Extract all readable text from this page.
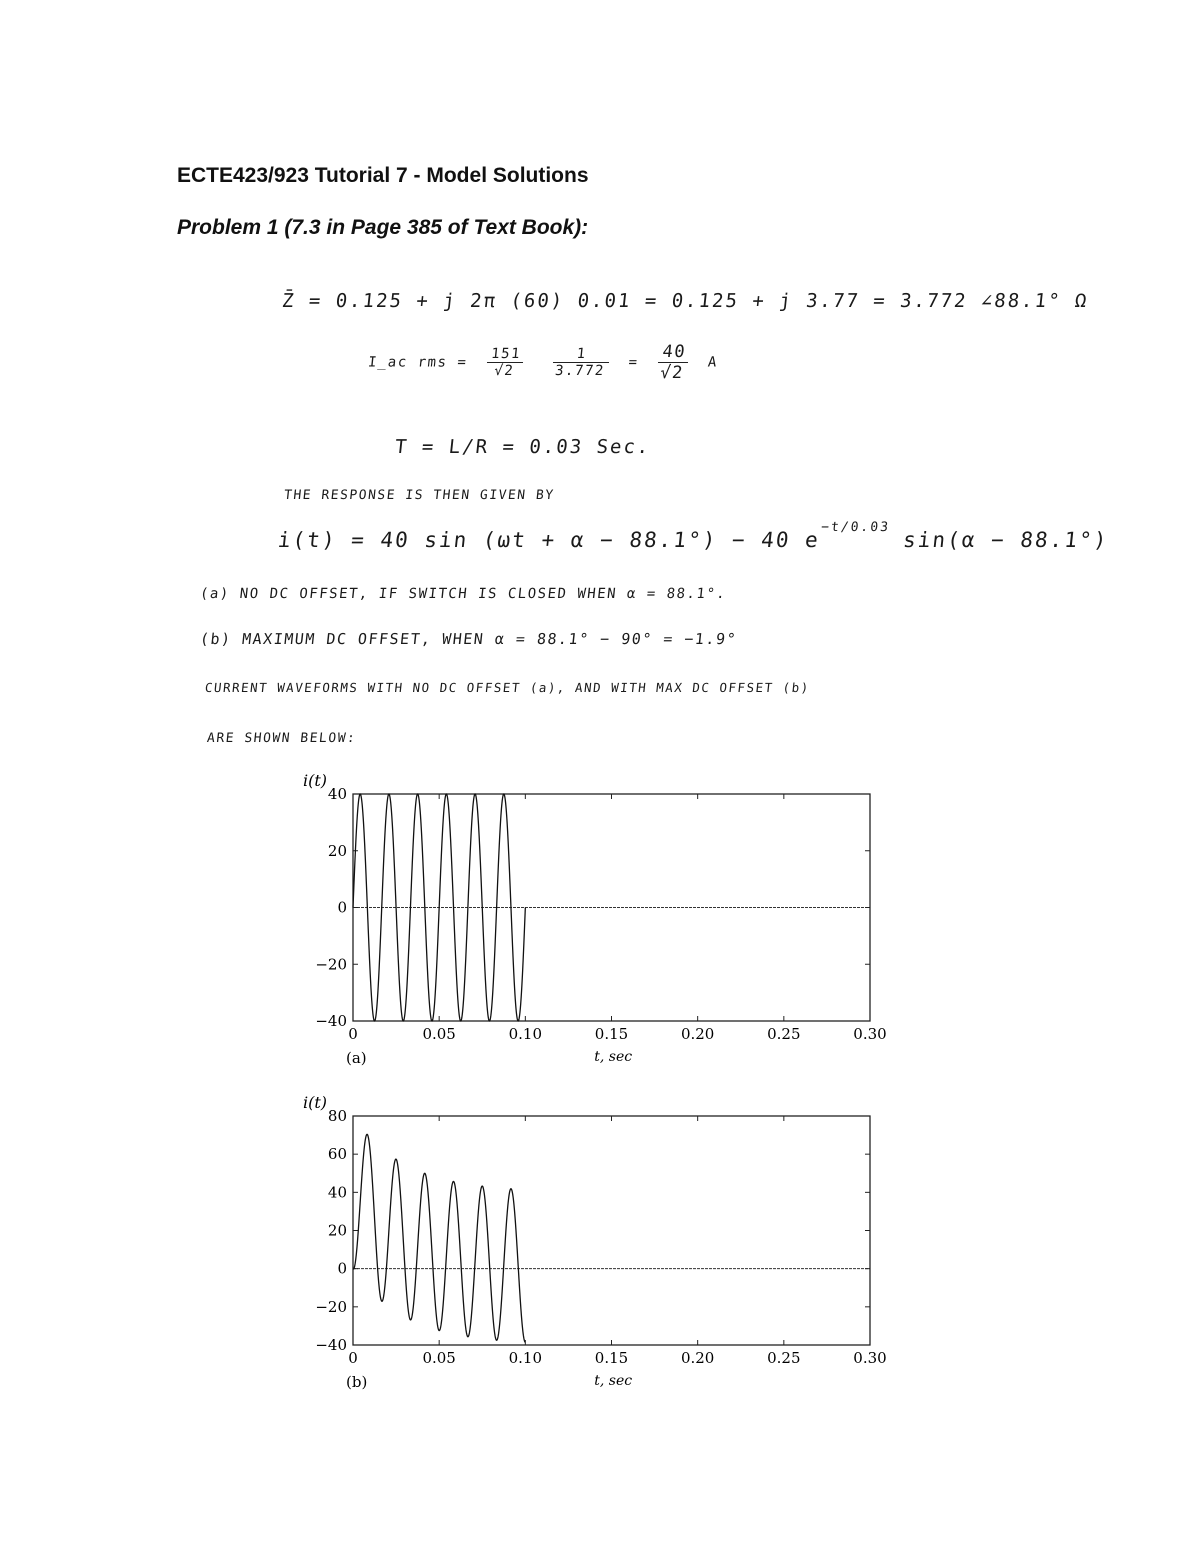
ECTE423/923 Tutorial 7 - Model Solutions
Problem 1 (7.3 in Page 385 of Text Book):
Z̄ = 0.125 + j 2π (60) 0.01 = 0.125 + j 3.77 = 3.772 ∠88.1° Ω
I_ac rms = $\frac{151}{√2}$
$\frac{1}{3.772} = \frac{40}{√2}$ A
T = L/R = 0.03 Sec.
THE RESPONSE IS THEN GIVEN BY
i(t) = 40 sin (ωt + α − 88.1°) − 40 $e^{-t/0.03}$ sin(α − 88.1°)
(a) NO DC OFFSET, IF SWITCH IS CLOSED WHEN α = 88.1°.
(b) MAXIMUM DC OFFSET, WHEN α = 88.1° − 90° = −1.9°
CURRENT WAVEFORMS WITH NO DC OFFSET (a), AND WITH MAX DC OFFSET (b)
ARE SHOWN BELOW:
0	0.05	0.10	0.15	0.20	0.25	0.30
40
20
0
−20
−40
i(t)
t, sec
(a)
0	0.05	0.10	0.15	0.20	0.25	0.30
80
60
40
20
0
−20
−40
i(t)
t, sec
(b)
